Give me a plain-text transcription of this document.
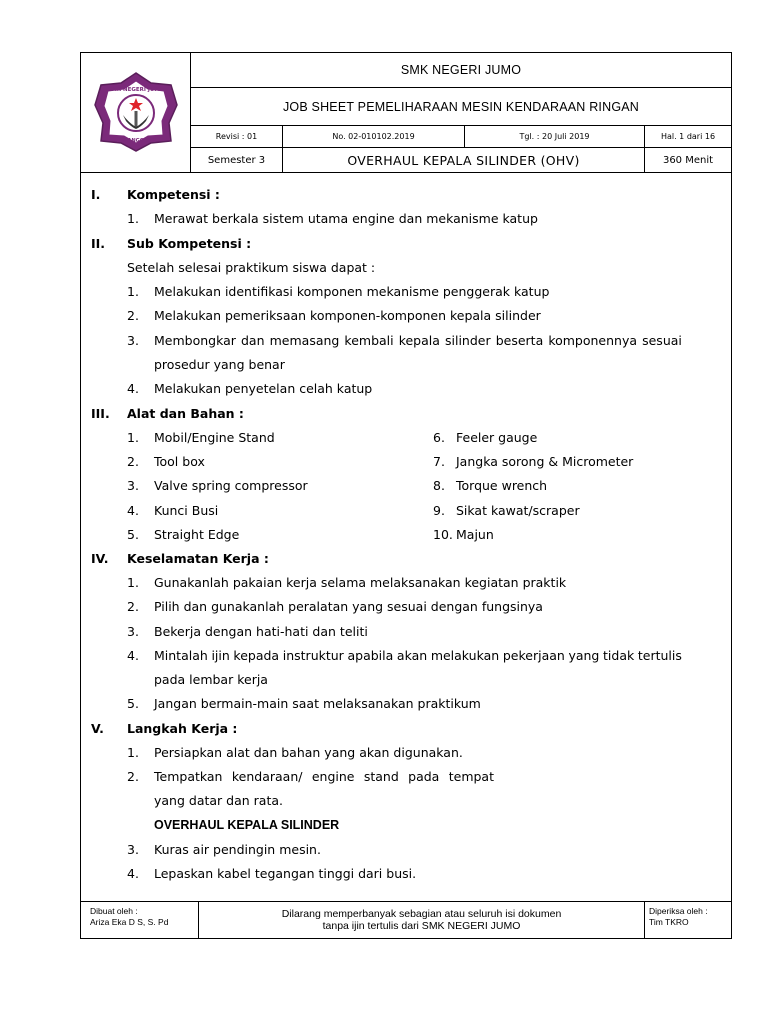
SMK NEGERI JUMO
TEMANGGUNG
SMK NEGERI JUMO
JOB SHEET PEMELIHARAAN MESIN KENDARAAN RINGAN
Revisi : 01	No. 02-010102.2019	Tgl. : 20 Juli 2019	Hal. 1 dari 16
Semester 3	OVERHAUL KEPALA SILINDER (OHV)	360 Menit
I. Kompetensi :
1. Merawat berkala sistem utama engine dan mekanisme katup
II. Sub Kompetensi :
Setelah selesai praktikum siswa dapat :
1. Melakukan identifikasi komponen mekanisme penggerak katup
2. Melakukan pemeriksaan komponen-komponen kepala silinder
3. Membongkar dan memasang kembali kepala silinder beserta komponennya sesuai
prosedur yang benar
4. Melakukan penyetelan celah katup
III. Alat dan Bahan :
1. Mobil/Engine Stand
2. Tool box
3. Valve spring compressor
4. Kunci Busi
5. Straight Edge
6. Feeler gauge
7. Jangka sorong & Micrometer
8. Torque wrench
9. Sikat kawat/scraper
10. Majun
IV. Keselamatan Kerja :
1. Gunakanlah pakaian kerja selama melaksanakan kegiatan praktik
2. Pilih dan gunakanlah peralatan yang sesuai dengan fungsinya
3. Bekerja dengan hati-hati dan teliti
4. Mintalah ijin kepada instruktur apabila akan melakukan pekerjaan yang tidak tertulis
pada lembar kerja
5. Jangan bermain-main saat melaksanakan praktikum
V. Langkah Kerja :
1. Persiapkan alat dan bahan yang akan digunakan.
2. Tempatkan kendaraan/ engine stand pada tempat
yang datar dan rata.
OVERHAUL KEPALA SILINDER
3. Kuras air pendingin mesin.
4. Lepaskan kabel tegangan tinggi dari busi.
Dibuat oleh :
Ariza Eka D S, S. Pd
Dilarang memperbanyak sebagian atau seluruh isi dokumen
tanpa ijin tertulis dari SMK NEGERI JUMO
Diperiksa oleh :
Tim TKRO
